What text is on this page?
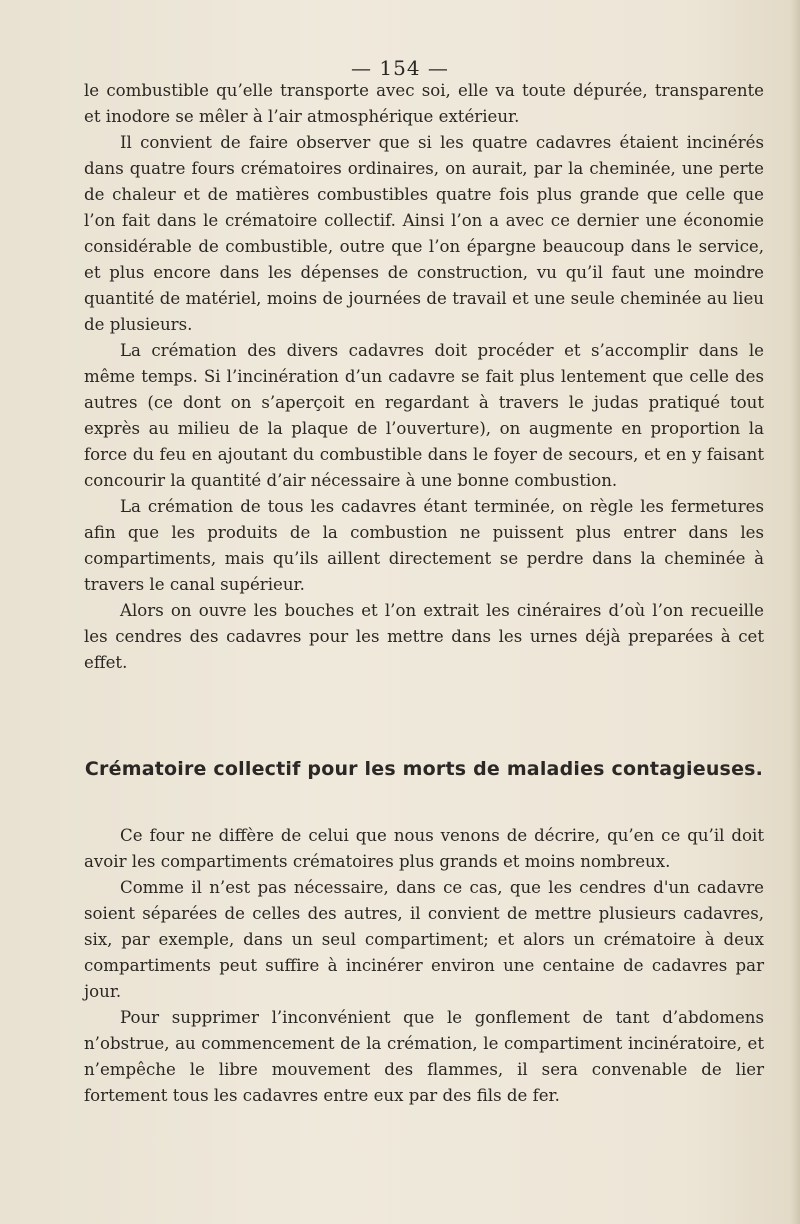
— 154 —

le combustible qu’elle transporte avec soi, elle va toute dépurée, transparente et inodore se mêler à l’air atmosphérique extérieur.

Il convient de faire observer que si les quatre cadavres étaient incinérés dans quatre fours crématoires ordinaires, on aurait, par la cheminée, une perte de chaleur et de matières combustibles quatre fois plus grande que celle que l’on fait dans le crématoire collectif. Ainsi l’on a avec ce dernier une économie considérable de combustible, outre que l’on épargne beaucoup dans le service, et plus encore dans les dépenses de construction, vu qu’il faut une moindre quantité de matériel, moins de journées de travail et une seule cheminée au lieu de plusieurs.

La crémation des divers cadavres doit procéder et s’accomplir dans le même temps. Si l’incinération d’un cadavre se fait plus lentement que celle des autres (ce dont on s’aperçoit en regardant à travers le judas pratiqué tout exprès au milieu de la plaque de l’ouverture), on augmente en proportion la force du feu en ajoutant du combustible dans le foyer de secours, et en y faisant concourir la quantité d’air nécessaire à une bonne combustion.

La crémation de tous les cadavres étant terminée, on règle les fermetures afin que les produits de la combustion ne puissent plus entrer dans les compartiments, mais qu’ils aillent directement se perdre dans la cheminée à travers le canal supérieur.

Alors on ouvre les bouches et l’on extrait les cinéraires d’où l’on recueille les cendres des cadavres pour les mettre dans les urnes déjà preparées à cet effet.

Crématoire collectif pour les morts de maladies contagieuses.

Ce four ne diffère de celui que nous venons de décrire, qu’en ce qu’il doit avoir les compartiments crématoires plus grands et moins nombreux.

Comme il n’est pas nécessaire, dans ce cas, que les cendres d'un cadavre soient séparées de celles des autres, il convient de mettre plusieurs cadavres, six, par exemple, dans un seul compartiment; et alors un crématoire à deux compartiments peut suffire à incinérer environ une centaine de cadavres par jour.

Pour supprimer l’inconvénient que le gonflement de tant d’abdomens n’obstrue, au commencement de la crémation, le compartiment incinératoire, et n’empêche le libre mouvement des flammes, il sera convenable de lier fortement tous les cadavres entre eux par des fils de fer.
